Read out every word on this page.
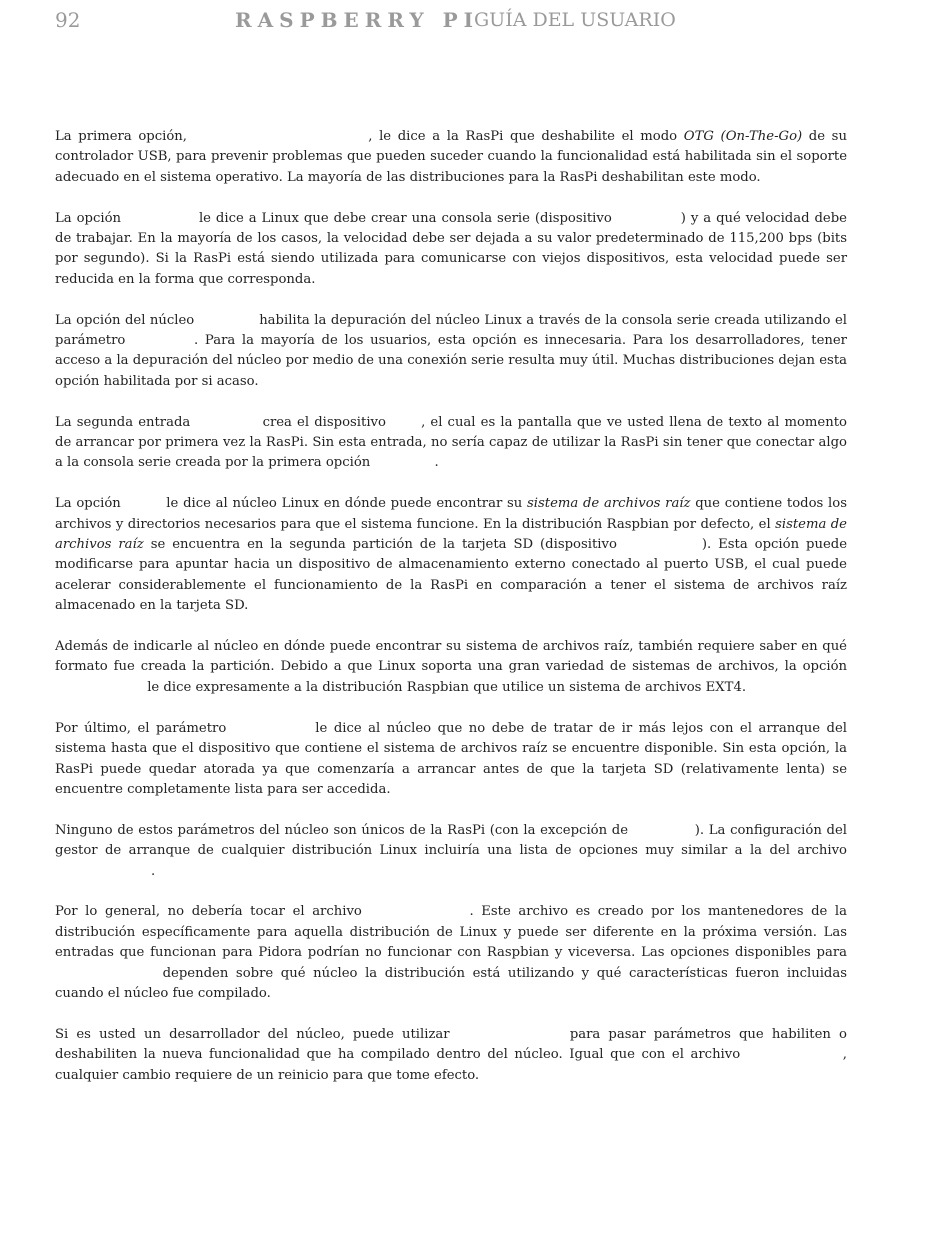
92	RASPBERRY PI
GUÍA DEL USUARIO

La primera opción,	, le dice a la RasPi que deshabilite el modo OTG (On-The-Go) de su controlador USB, para prevenir problemas que pueden suceder cuando la funcionalidad está habilitada sin el soporte adecuado en el sistema operativo. La mayoría de las distribuciones para la RasPi deshabilitan este modo.

La opción	le dice a Linux que debe crear una consola serie (dispositivo	) y a qué velocidad debe de trabajar. En la mayoría de los casos, la velocidad debe ser dejada a su valor predeterminado de 115,200 bps (bits por segundo). Si la RasPi está siendo utilizada para comunicarse con viejos dispositivos, esta velocidad puede ser reducida en la forma que corresponda.

La opción del núcleo	habilita la depuración del núcleo Linux a través de la consola serie creada utilizando el parámetro	. Para la mayoría de los usuarios, esta opción es innecesaria. Para los desarrolladores, tener acceso a la depuración del núcleo por medio de una conexión serie resulta muy útil. Muchas distribuciones dejan esta opción habilitada por si acaso.

La segunda entrada	crea el dispositivo	, el cual es la pantalla que ve usted llena de texto al momento de arrancar por primera vez la RasPi. Sin esta entrada, no sería capaz de utilizar la RasPi sin tener que conectar algo a la consola serie creada por la primera opción	.

La opción	le dice al núcleo Linux en dónde puede encontrar su sistema de archivos raíz que contiene todos los archivos y directorios necesarios para que el sistema funcione. En la distribución Raspbian por defecto, el sistema de archivos raíz se encuentra en la segunda partición de la tarjeta SD (dispositivo	). Esta opción puede modificarse para apuntar hacia un dispositivo de almacenamiento externo conectado al puerto USB, el cual puede acelerar considerablemente el funcionamiento de la RasPi en comparación a tener el sistema de archivos raíz almacenado en la tarjeta SD.

Además de indicarle al núcleo en dónde puede encontrar su sistema de archivos raíz, también requiere saber en qué formato fue creada la partición. Debido a que Linux soporta una gran variedad de sistemas de archivos, la opción  le dice expresamente a la distribución Raspbian que utilice un sistema de archivos EXT4.

Por último, el parámetro	le dice al núcleo que no debe de tratar de ir más lejos con el arranque del sistema hasta que el dispositivo que contiene el sistema de archivos raíz se encuentre disponible. Sin esta opción, la RasPi puede quedar atorada ya que comenzaría a arrancar antes de que la tarjeta SD (relativamente lenta) se encuentre completamente lista para ser accedida.

Ninguno de estos parámetros del núcleo son únicos de la RasPi (con la excepción de	). La configuración del gestor de arranque de cualquier distribución Linux incluiría una lista de opciones muy similar a la del archivo .

Por lo general, no debería tocar el archivo	. Este archivo es creado por los mantenedores de la distribución específicamente para aquella distribución de Linux y puede ser diferente en la próxima versión. Las entradas que funcionan para Pidora podrían no funcionar con Raspbian y viceversa. Las opciones disponibles para  dependen sobre qué núcleo la distribución está utilizando y qué características fueron incluidas cuando el núcleo fue compilado.

Si es usted un desarrollador del núcleo, puede utilizar	para pasar parámetros que habiliten o deshabiliten la nueva funcionalidad que ha compilado dentro del núcleo. Igual que con el archivo	, cualquier cambio requiere de un reinicio para que tome efecto.
